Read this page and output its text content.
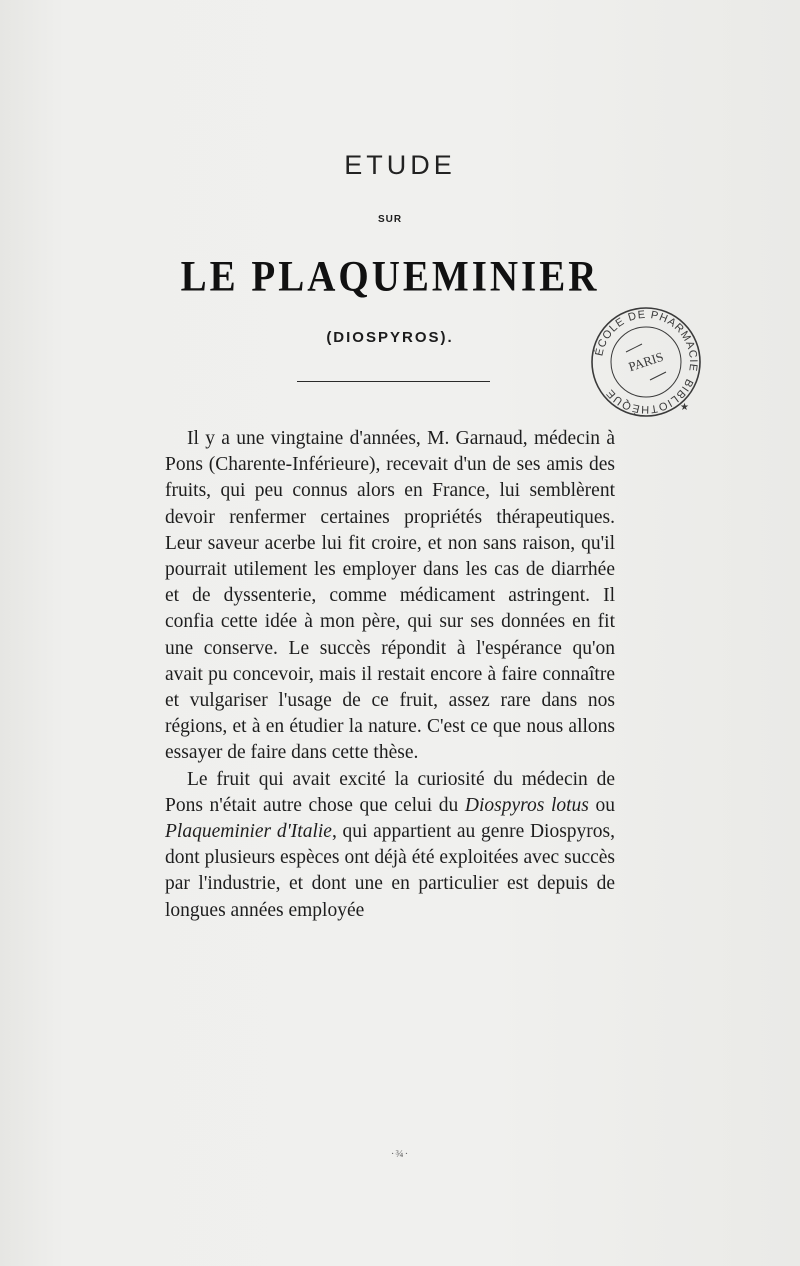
ETUDE
SUR
LE PLAQUEMINIER
(DIOSPYROS).
ÉCOLE DE PHARMACIE
BIBLIOTHÈQUE
PARIS
★

Il y a une vingtaine d'années, M. Garnaud, médecin à Pons (Charente-Inférieure), recevait d'un de ses amis des fruits, qui peu connus alors en France, lui semblèrent devoir renfermer certaines propriétés thérapeutiques. Leur saveur acerbe lui fit croire, et non sans raison, qu'il pourrait utilement les employer dans les cas de diarrhée et de dyssenterie, comme médicament astringent. Il confia cette idée à mon père, qui sur ses données en fit une conserve. Le succès répondit à l'espérance qu'on avait pu concevoir, mais il restait encore à faire connaître et vulgariser l'usage de ce fruit, assez rare dans nos régions, et à en étudier la nature. C'est ce que nous allons essayer de faire dans cette thèse.

Le fruit qui avait excité la curiosité du médecin de Pons n'était autre chose que celui du Diospyros lotus ou Plaqueminier d'Italie, qui appartient au genre Diospyros, dont plusieurs espèces ont déjà été exploitées avec succès par l'industrie, et dont une en particulier est depuis de longues années employée

·¾·
